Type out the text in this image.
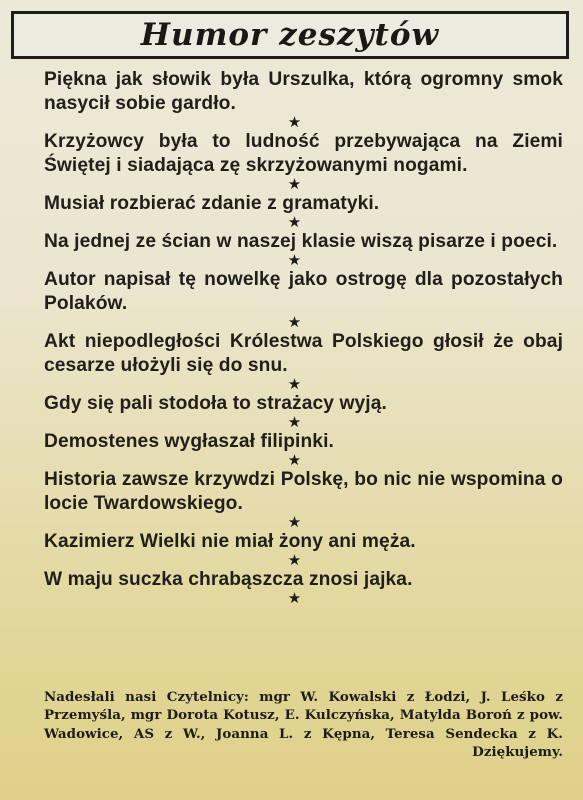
Humor zeszytów
Piękna jak słowik była Urszulka, którą ogromny smok nasycił sobie gardło.
★
Krzyżowcy była to ludność przebywająca na Ziemi Świętej i siadająca zę skrzyżowanymi nogami.
★
Musiał rozbierać zdanie z gramatyki.
★
Na jednej ze ścian w naszej klasie wiszą pisarze i poeci.
★
Autor napisał tę nowelkę jako ostrogę dla pozostałych Polaków.
★
Akt niepodległości Królestwa Polskiego głosił że obaj cesarze ułożyli się do snu.
★
Gdy się pali stodoła to strażacy wyją.
★
Demostenes wygłaszał filipinki.
★
Historia zawsze krzywdzi Polskę, bo nic nie wspomina o locie Twardowskiego.
★
Kazimierz Wielki nie miał żony ani męża.
★
W maju suczka chrabąszcza znosi jajka.
★
Nadesłali nasi Czytelnicy: mgr W. Kowalski z Łodzi, J. Leśko z Przemyśla, mgr Dorota Kotusz, E. Kulczyńska, Matylda Boroń z pow. Wadowice, AS z W., Joanna L. z Kępna, Teresa Sendecka z K. Dziękujemy.
